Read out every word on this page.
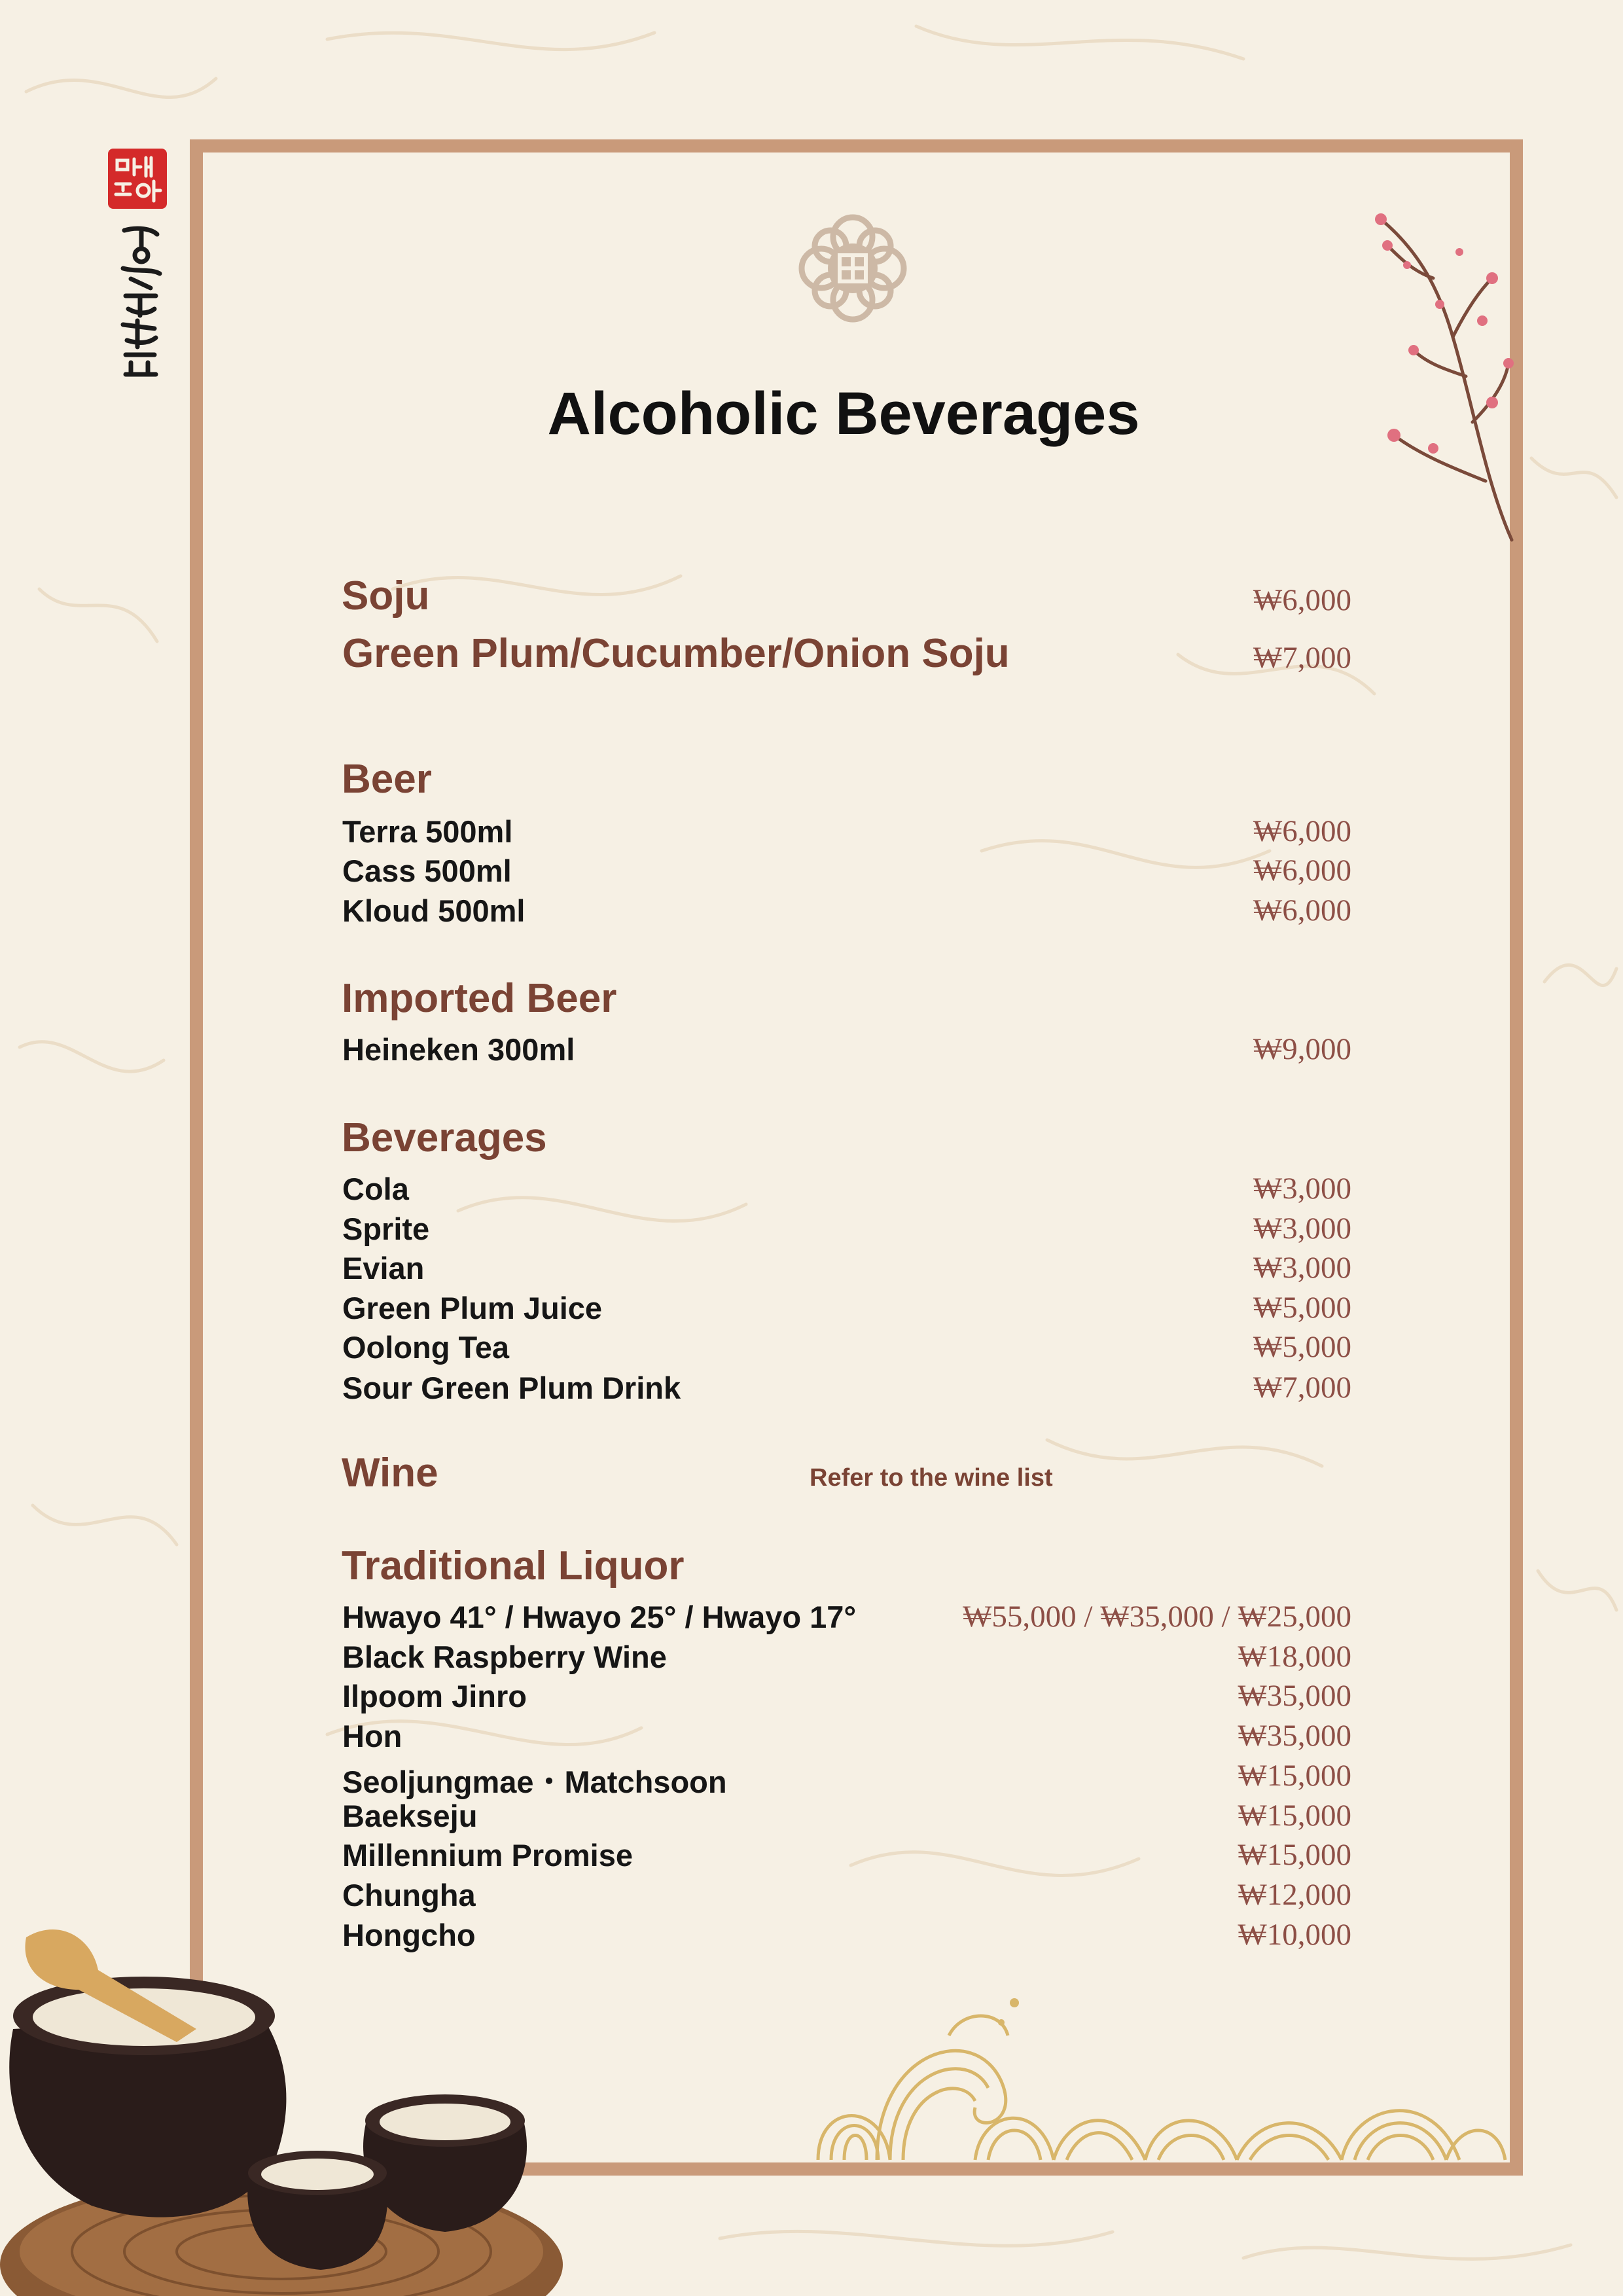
Alcoholic Beverages
Soju	₩6,000
Green Plum/Cucumber/Onion Soju	₩7,000
Beer
Terra 500ml	₩6,000
Cass 500ml	₩6,000
Kloud 500ml	₩6,000
Imported Beer
Heineken 300ml	₩9,000
Beverages
Cola	₩3,000
Sprite	₩3,000
Evian	₩3,000
Green Plum Juice	₩5,000
Oolong Tea	₩5,000
Sour Green Plum Drink	₩7,000
Wine	Refer to the wine list
Traditional Liquor
Hwayo 41° / Hwayo 25° / Hwayo 17°	₩55,000 / ₩35,000 / ₩25,000
Black Raspberry Wine	₩18,000
Ilpoom Jinro	₩35,000
Hon	₩35,000
Seoljungmae・Matchsoon	₩15,000
Baekseju	₩15,000
Millennium Promise	₩15,000
Chungha	₩12,000
Hongcho	₩10,000
